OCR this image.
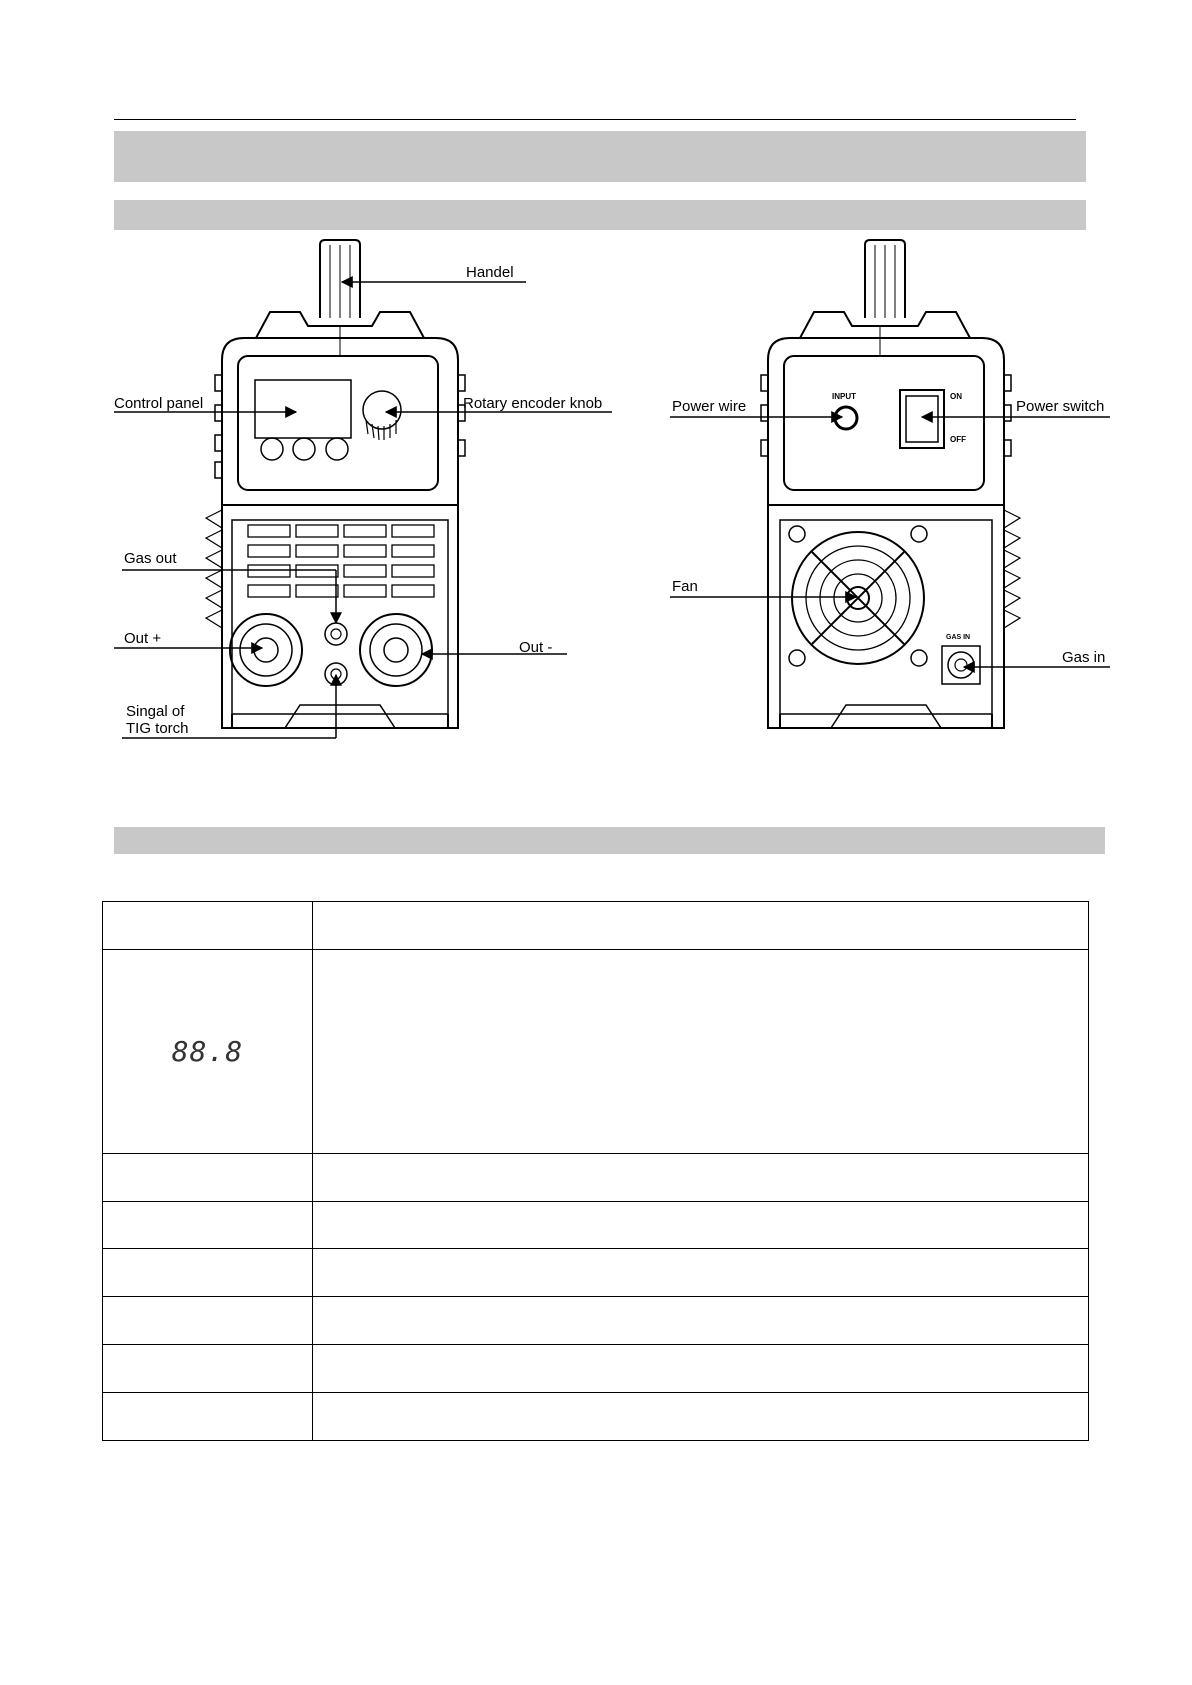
INPUT	ON
OFF
GAS IN
Handel
Control panel	Rotary encoder knob
Gas out
Out +
Out -
Singal of
TIG torch
Power wire	Power switch
Fan
Gas in

88.8	
